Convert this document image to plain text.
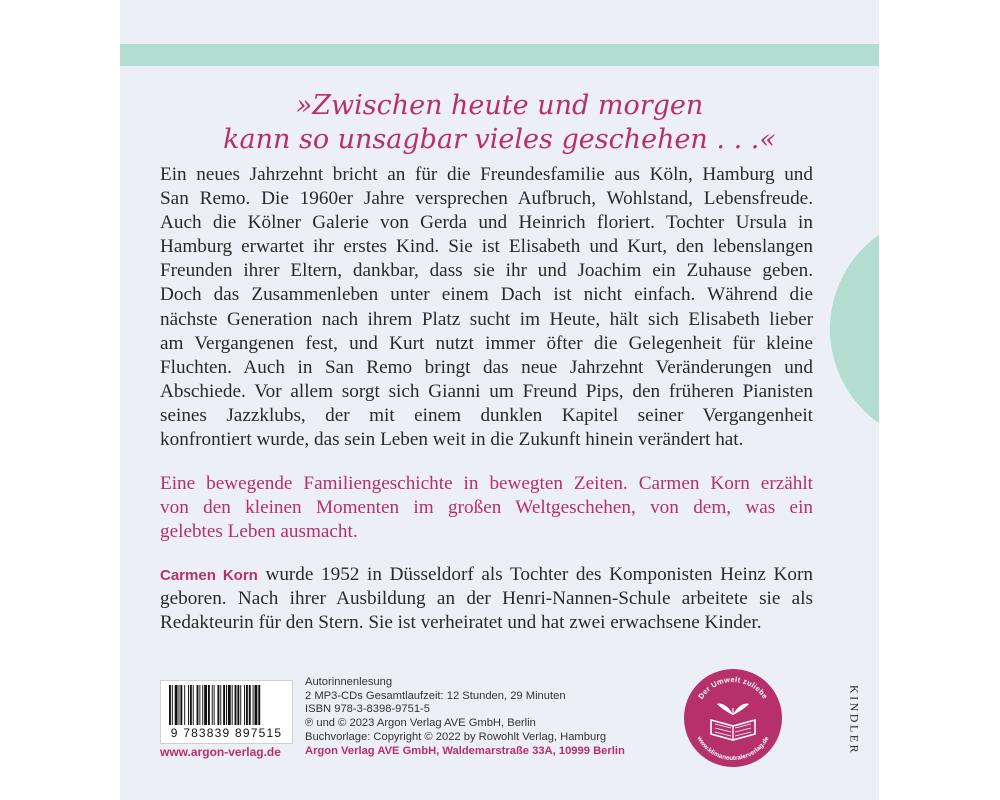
»Zwischen heute und morgen
kann so unsagbar vieles geschehen . . .«
Ein neues Jahrzehnt bricht an für die Freundesfamilie aus Köln, Hamburg und
San Remo. Die 1960er Jahre versprechen Aufbruch, Wohlstand, Lebensfreude.
Auch die Kölner Galerie von Gerda und Heinrich floriert. Tochter Ursula in
Hamburg erwartet ihr erstes Kind. Sie ist Elisabeth und Kurt, den lebenslangen
Freunden ihrer Eltern, dankbar, dass sie ihr und Joachim ein Zuhause geben.
Doch das Zusammenleben unter einem Dach ist nicht einfach. Während die
nächste Generation nach ihrem Platz sucht im Heute, hält sich Elisabeth lieber
am Vergangenen fest, und Kurt nutzt immer öfter die Gelegenheit für kleine
Fluchten. Auch in San Remo bringt das neue Jahrzehnt Veränderungen und
Abschiede. Vor allem sorgt sich Gianni um Freund Pips, den früheren Pianisten
seines Jazzklubs, der mit einem dunklen Kapitel seiner Vergangenheit
konfrontiert wurde, das sein Leben weit in die Zukunft hinein verändert hat.
Eine bewegende Familiengeschichte in bewegten Zeiten. Carmen Korn erzählt
von den kleinen Momenten im großen Weltgeschehen, von dem, was ein
gelebtes Leben ausmacht.
Carmen Korn wurde 1952 in Düsseldorf als Tochter des Komponisten Heinz Korn
geboren. Nach ihrer Ausbildung an der Henri-Nannen-Schule arbeitete sie als
Redakteurin für den Stern. Sie ist verheiratet und hat zwei erwachsene Kinder.
9 783839 897515
www.argon-verlag.de
Autorinnenlesung
2 MP3-CDs Gesamtlaufzeit: 12 Stunden, 29 Minuten
ISBN 978-3-8398-9751-5
℗ und © 2023 Argon Verlag AVE GmbH, Berlin
Buchvorlage: Copyright © 2022 by Rowohlt Verlag, Hamburg
Argon Verlag AVE GmbH, Waldemarstraße 33A, 10999 Berlin
Der Umwelt zuliebe
www.klimaneutralerverlag.de	KINDLER
